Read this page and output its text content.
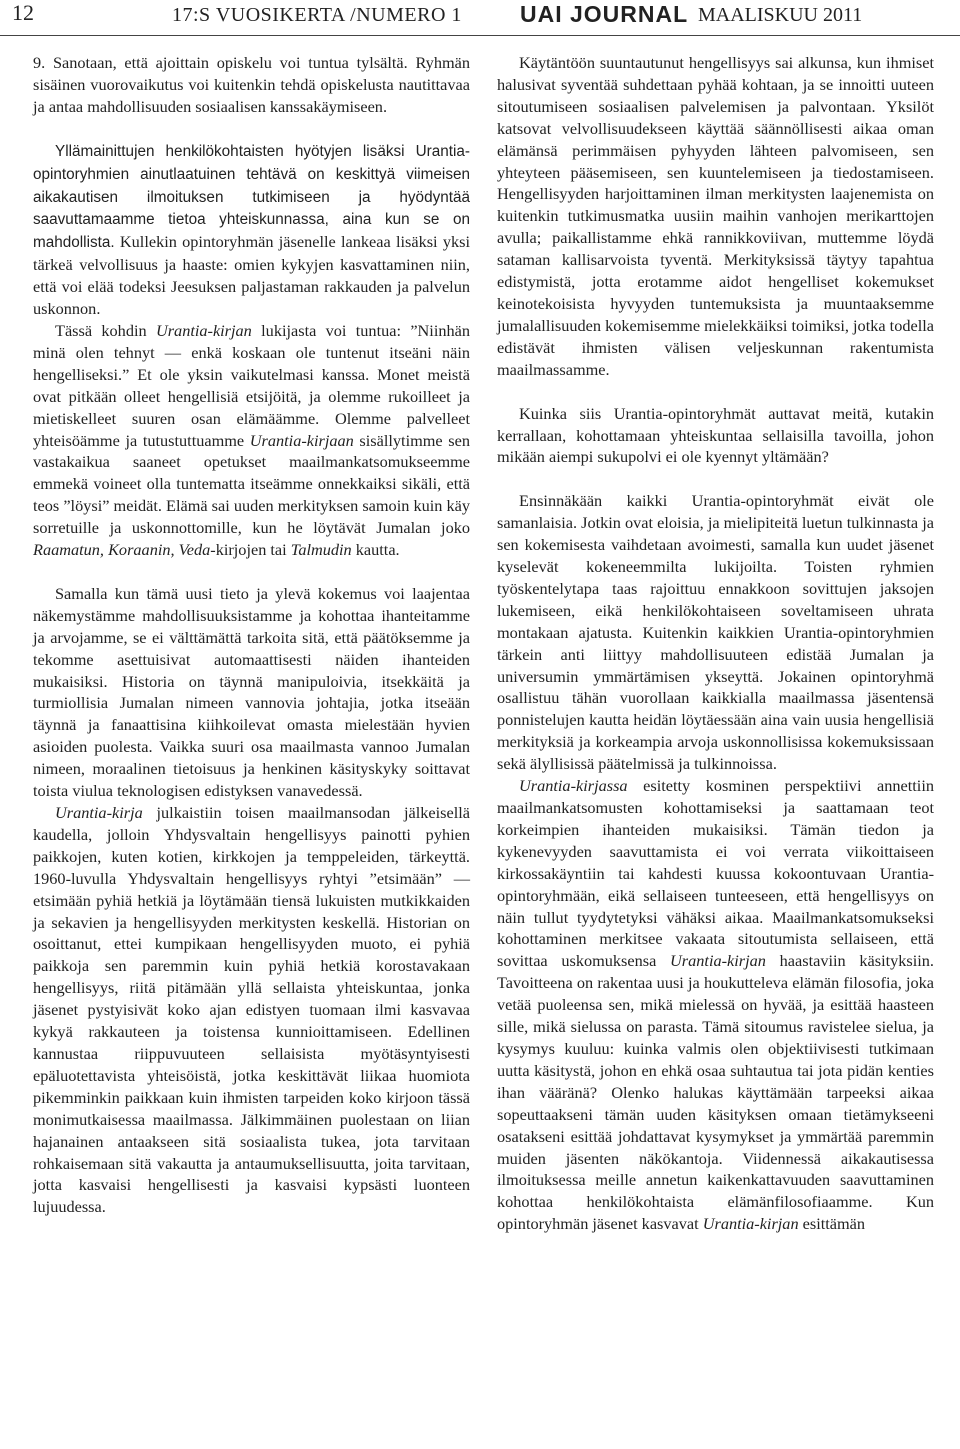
12	17:S VUOSIKERTA /NUMERO 1	UAI JOURNAL MAALISKUU 2011

9. Sanotaan, että ajoittain opiskelu voi tuntua tylsältä. Ryhmän sisäinen vuorovaikutus voi kuitenkin tehdä opiskelusta nautittavaa ja antaa mahdollisuuden sosiaalisen kanssakäymiseen.

Yllämainittujen henkilökohtaisten hyötyjen lisäksi Urantia-opintoryhmien ainutlaatuinen tehtävä on keskittyä viimeisen aikakautisen ilmoituksen tutkimiseen ja hyödyntää saavuttamaamme tietoa yhteiskunnassa, aina kun se on mahdollista. Kullekin opintoryhmän jäsenelle lankeaa lisäksi yksi tärkeä velvollisuus ja haaste: omien kykyjen kasvattaminen niin, että voi elää todeksi Jeesuksen paljastaman rakkauden ja palvelun uskonnon.

Tässä kohdin Urantia-kirjan lukijasta voi tuntua: ”Niinhän minä olen tehnyt — enkä koskaan ole tuntenut itseäni näin hengelliseksi.” Et ole yksin vaikutelmasi kanssa. Monet meistä ovat pitkään olleet hengellisiä etsijöitä, ja olemme rukoilleet ja mietiskelleet suuren osan elämäämme. Olemme palvelleet yhteisöämme ja tutustuttuamme Urantia-kirjaan sisällytimme sen vastakaikua saaneet opetukset maailmankatsomukseemme emmekä voineet olla tuntematta itseämme onnekkaiksi sikäli, että teos ”löysi” meidät. Elämä sai uuden merkityksen samoin kuin käy sorretuille ja uskonnottomille, kun he löytävät Jumalan joko Raamatun, Koraanin, Veda-kirjojen tai Talmudin kautta.

Samalla kun tämä uusi tieto ja ylevä kokemus voi laajentaa näkemystämme mahdollisuuksistamme ja kohottaa ihanteitamme ja arvojamme, se ei välttämättä tarkoita sitä, että päätöksemme ja tekomme asettuisivat automaattisesti näiden ihanteiden mukaisiksi. Historia on täynnä manipuloivia, itsekkäitä ja turmiollisia Jumalan nimeen vannovia johtajia, jotka itseään täynnä ja fanaattisina kiihkoilevat omasta mielestään hyvien asioiden puolesta. Vaikka suuri osa maailmasta vannoo Jumalan nimeen, moraalinen tietoisuus ja henkinen käsityskyky soittavat toista viulua teknologisen edistyksen vanavedessä.

Urantia-kirja julkaistiin toisen maailmansodan jälkeisellä kaudella, jolloin Yhdysvaltain hengellisyys painotti pyhien paikkojen, kuten kotien, kirkkojen ja temppeleiden, tärkeyttä. 1960-luvulla Yhdysvaltain hengellisyys ryhtyi ”etsimään” — etsimään pyhiä hetkiä ja löytämään tiensä lukuisten mutkikkaiden ja sekavien ja hengellisyyden merkitysten keskellä. Historian on osoittanut, ettei kumpikaan hengellisyyden muoto, ei pyhiä paikkoja sen paremmin kuin pyhiä hetkiä korostavakaan hengellisyys, riitä pitämään yllä sellaista yhteiskuntaa, jonka jäsenet pystyisivät koko ajan edistyen tuomaan ilmi kasvavaa kykyä rakkauteen ja toistensa kunnioittamiseen. Edellinen kannustaa riippuvuuteen sellaisista myötäsyntyisesti epäluotettavista yhteisöistä, jotka keskittävät liikaa huomiota pikemminkin paikkaan kuin ihmisten tarpeiden koko kirjoon tässä monimutkaisessa maailmassa. Jälkimmäinen puolestaan on liian hajanainen antaakseen sitä sosiaalista tukea, jota tarvitaan rohkaisemaan sitä vakautta ja antaumuksellisuutta, joita tarvitaan, jotta kasvaisi hengellisesti ja kasvaisi kypsästi luonteen lujuudessa.

Käytäntöön suuntautunut hengellisyys sai alkunsa, kun ihmiset halusivat syventää suhdettaan pyhää kohtaan, ja se innoitti uuteen sitoutumiseen sosiaalisen palvelemisen ja palvontaan. Yksilöt katsovat velvollisuudekseen käyttää säännöllisesti aikaa oman elämänsä perimmäisen pyhyyden lähteen palvomiseen, sen yhteyteen pääsemiseen, sen kuuntelemiseen ja tiedostamiseen. Hengellisyyden harjoittaminen ilman merkitysten laajenemista on kuitenkin tutkimusmatka uusiin maihin vanhojen merikarttojen avulla; paikallistamme ehkä rannikkoviivan, muttemme löydä sataman kallisarvoista tyventä. Merkityksissä täytyy tapahtua edistymistä, jotta erotamme aidot hengelliset kokemukset keinotekoisista hyvyyden tuntemuksista ja muuntaaksemme jumalallisuuden kokemisemme mielekkäiksi toimiksi, jotka todella edistävät ihmisten välisen veljeskunnan rakentumista maailmassamme.

Kuinka siis Urantia-opintoryhmät auttavat meitä, kutakin kerrallaan, kohottamaan yhteiskuntaa sellaisilla tavoilla, johon mikään aiempi sukupolvi ei ole kyennyt yltämään?

Ensinnäkään kaikki Urantia-opintoryhmät eivät ole samanlaisia. Jotkin ovat eloisia, ja mielipiteitä luetun tulkinnasta ja sen kokemisesta vaihdetaan avoimesti, samalla kun uudet jäsenet kyselevät kokeneemmilta lukijoilta. Toisten ryhmien työskentelytapa taas rajoittuu ennakkoon sovittujen jaksojen lukemiseen, eikä henkilökohtaiseen soveltamiseen uhrata montakaan ajatusta. Kuitenkin kaikkien Urantia-opintoryhmien tärkein anti liittyy mahdollisuuteen edistää Jumalan ja universumin ymmärtämisen ykseyttä. Jokainen opintoryhmä osallistuu tähän vuorollaan kaikkialla maailmassa jäsentensä ponnistelujen kautta heidän löytäessään aina vain uusia hengellisiä merkityksiä ja korkeampia arvoja uskonnollisissa kokemuksissaan sekä älyllisissä päätelmissä ja tulkinnoissa.

Urantia-kirjassa esitetty kosminen perspektiivi annettiin maailmankatsomusten kohottamiseksi ja saattamaan teot korkeimpien ihanteiden mukaisiksi. Tämän tiedon ja kykenevyyden saavuttamista ei voi verrata viikoittaiseen kirkossakäyntiin tai kahdesti kuussa kokoontuvaan Urantia-opintoryhmään, eikä sellaiseen tunteeseen, että hengellisyys on näin tullut tyydytetyksi vähäksi aikaa. Maailmankatsomukseksi kohottaminen merkitsee vakaata sitoutumista sellaiseen, että sovittaa uskomuksensa Urantia-kirjan haastaviin käsityksiin. Tavoitteena on rakentaa uusi ja houkutteleva elämän filosofia, joka vetää puoleensa sen, mikä mielessä on hyvää, ja esittää haasteen sille, mikä sielussa on parasta. Tämä sitoumus ravistelee sielua, ja kysymys kuuluu: kuinka valmis olen objektiivisesti tutkimaan uutta käsitystä, johon en ehkä osaa suhtautua tai jota pidän kenties ihan vääränä? Olenko halukas käyttämään tarpeeksi aikaa sopeuttaakseni tämän uuden käsityksen omaan tietämykseeni osatakseni esittää johdattavat kysymykset ja ymmärtää paremmin muiden jäsenten näkökantoja. Viidennessä aikakautisessa ilmoituksessa meille annetun kaikenkattavuuden saavuttaminen kohottaa henkilökohtaista elämänfilosofiaamme. Kun opintoryhmän jäsenet kasvavat Urantia-kirjan esittämän
